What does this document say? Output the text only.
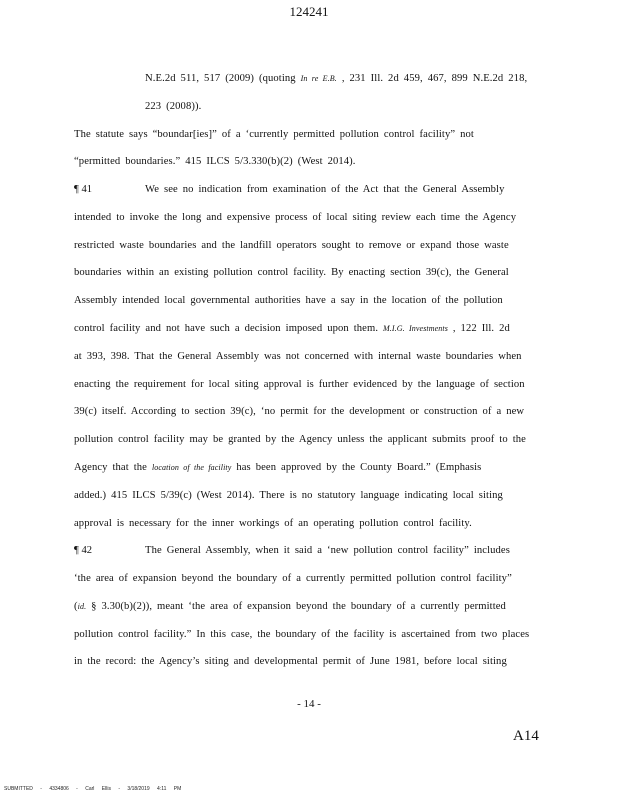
124241
N.E.2d 511, 517 (2009) (quoting In re E.B. , 231 Ill. 2d 459, 467, 899 N.E.2d 218,
223 (2008)).
The statute says “boundar[ies]” of a ‘currently permitted pollution control facility” not
“permitted boundaries.” 415 ILCS 5/3.330(b)(2) (West 2014).
¶ 41	We see no indication from examination of the Act that the General Assembly
intended to invoke the long and expensive process of local siting review each time the Agency
restricted waste boundaries and the landfill operators sought to remove or expand those waste
boundaries within an existing pollution control facility. By enacting section 39(c), the General
Assembly intended local governmental authorities have a say in the location of the pollution
control facility and not have such a decision imposed upon them. M.I.G. Investments , 122 Ill. 2d
at 393, 398. That the General Assembly was not concerned with internal waste boundaries when
enacting the requirement for local siting approval is further evidenced by the language of section
39(c) itself. According to section 39(c), ‘no permit for the development or construction of a new
pollution control facility may be granted by the Agency unless the applicant submits proof to the
Agency that the location of the facility has been approved by the County Board.” (Emphasis
added.) 415 ILCS 5/39(c) (West 2014). There is no statutory language indicating local siting
approval is necessary for the inner workings of an operating pollution control facility.
¶ 42	The General Assembly, when it said a ‘new pollution control facility” includes
‘the area of expansion beyond the boundary of a currently permitted pollution control facility”
(id. § 3.30(b)(2)), meant ‘the area of expansion beyond the boundary of a currently permitted
pollution control facility.” In this case, the boundary of the facility is ascertained from two places
in the record: the Agency’s siting and developmental permit of June 1981, before local siting
- 14 -
A14
SUBMITTED - 4334806 - Carl Ellis - 3/18/2019 4:11 PM
